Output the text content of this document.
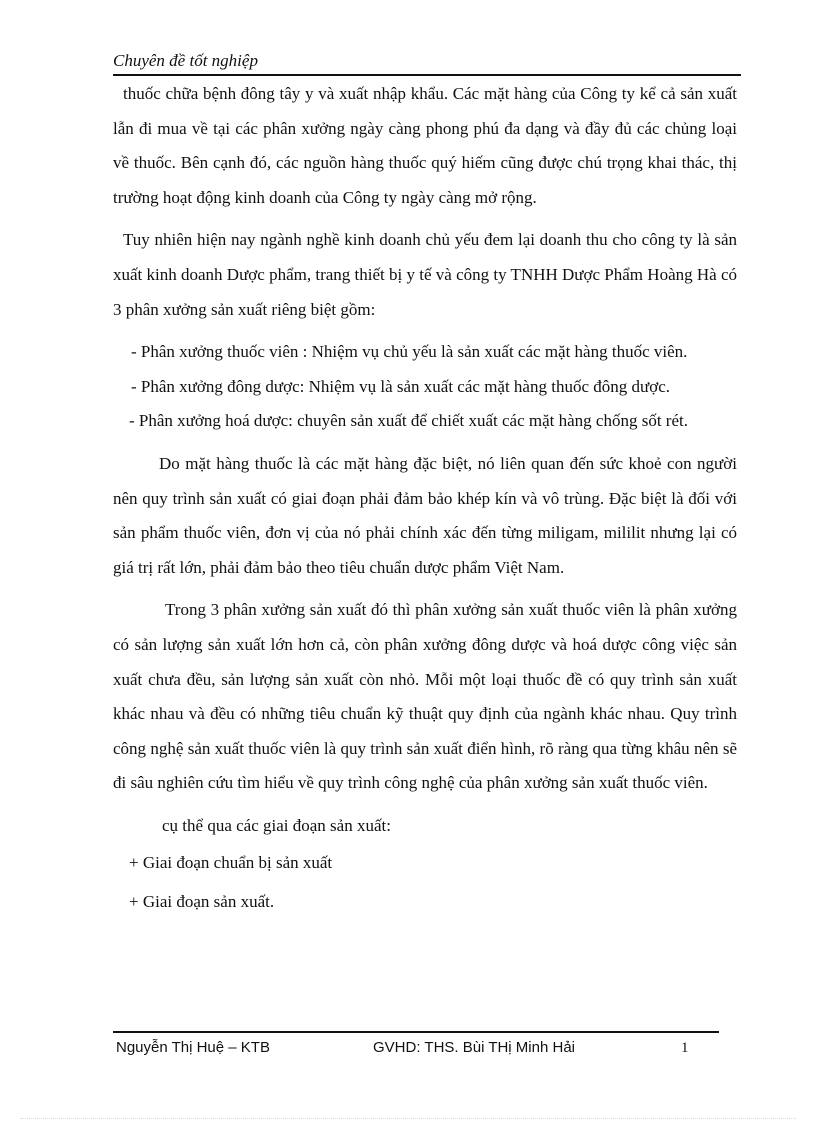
Chuyên đề tốt nghiệp

thuốc chữa bệnh đông tây y và xuất nhập khẩu. Các mặt hàng của Công ty kể cả sản xuất lẫn đi mua về tại các phân xưởng ngày càng phong phú đa dạng và đầy đủ các chủng loại về thuốc. Bên cạnh đó, các nguồn hàng thuốc quý hiếm cũng được chú trọng khai thác, thị trường hoạt động kinh doanh của Công ty ngày càng mở rộng.

Tuy nhiên hiện nay ngành nghề kinh doanh chủ yếu đem lại doanh thu cho công ty là sản xuất kinh doanh Dược phẩm, trang thiết bị y tế và công ty TNHH Dược Phẩm Hoàng Hà có 3 phân xưởng sản xuất riêng biệt gồm:

- Phân xưởng thuốc viên : Nhiệm vụ chủ yếu là sản xuất các mặt hàng thuốc viên.

- Phân xưởng đông dược: Nhiệm vụ là sản xuất các mặt hàng thuốc đông dược.

- Phân xưởng hoá dược: chuyên sản xuất để chiết xuất các mặt hàng chống sốt rét.

Do mặt hàng thuốc là các mặt hàng đặc biệt, nó liên quan đến sức khoẻ con người nên quy trình sản xuất có giai đoạn phải đảm bảo khép kín và vô trùng. Đặc biệt là đối với sản phẩm thuốc viên, đơn vị của nó phải chính xác đến từng miligam, mililit nhưng lại có giá trị rất lớn, phải đảm bảo theo tiêu chuẩn dược phẩm Việt Nam.

Trong 3 phân xưởng sản xuất đó thì phân xưởng sản xuất thuốc viên là phân xưởng có sản lượng sản xuất lớn hơn cả, còn phân xưởng đông dược và hoá dược công việc sản xuất chưa đều, sản lượng sản xuất còn nhỏ. Mỗi một loại thuốc đề có quy trình sản xuất khác nhau và đều có những tiêu chuẩn kỹ thuật quy định của ngành khác nhau. Quy trình công nghệ sản xuất thuốc viên là quy trình sản xuất điển hình, rõ ràng qua từng khâu nên sẽ đi sâu nghiên cứu tìm hiểu về quy trình công nghệ của phân xưởng sản xuất thuốc viên.

cụ thể qua các giai đoạn sản xuất:

+ Giai đoạn chuẩn bị sản xuất

+ Giai đoạn sản xuất.

Nguyễn Thị Huệ – KTB	GVHD: THS. Bùi THị Minh Hải	1
